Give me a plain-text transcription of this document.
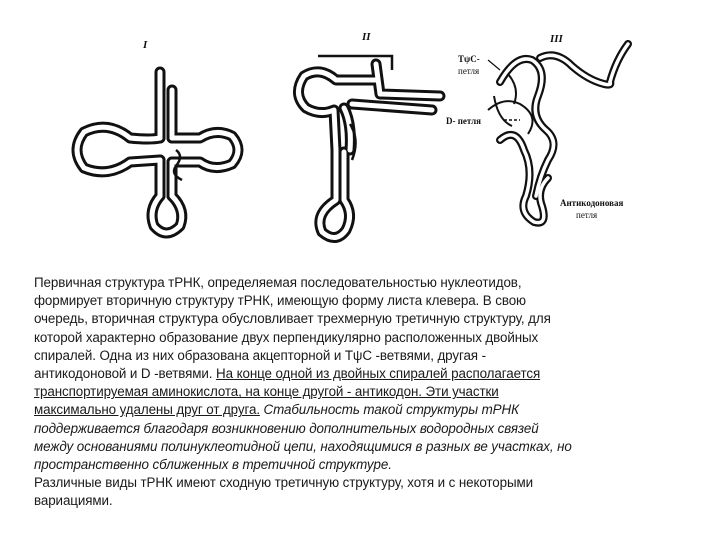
I
II	III
TψC-
петля
D- петля
Антикодоновая
петля
Первичная структура тРНК, определяемая последовательностью нуклеотидов,
формирует вторичную структуру тРНК, имеющую форму листа клевера. В свою
очередь, вторичная структура обусловливает трехмерную третичную структуру, для
которой характерно образование двух перпендикулярно расположенных двойных
спиралей. Одна из них образована акцепторной и TψC -ветвями, другая -
антикодоновой и D -ветвями. На конце одной из двойных спиралей располагается
транспортируемая аминокислота, на конце другой - антикодон. Эти участки
максимально удалены друг от друга. Стабильность такой структуры тРНК
поддерживается благодаря возникновению дополнительных водородных связей
между основаниями полинуклеотидной цепи, находящимися в разных ве участках, но
пространственно сближенных в третичной структуре.
Различные виды тРНК имеют сходную третичную структуру, хотя и с некоторыми
вариациями.
